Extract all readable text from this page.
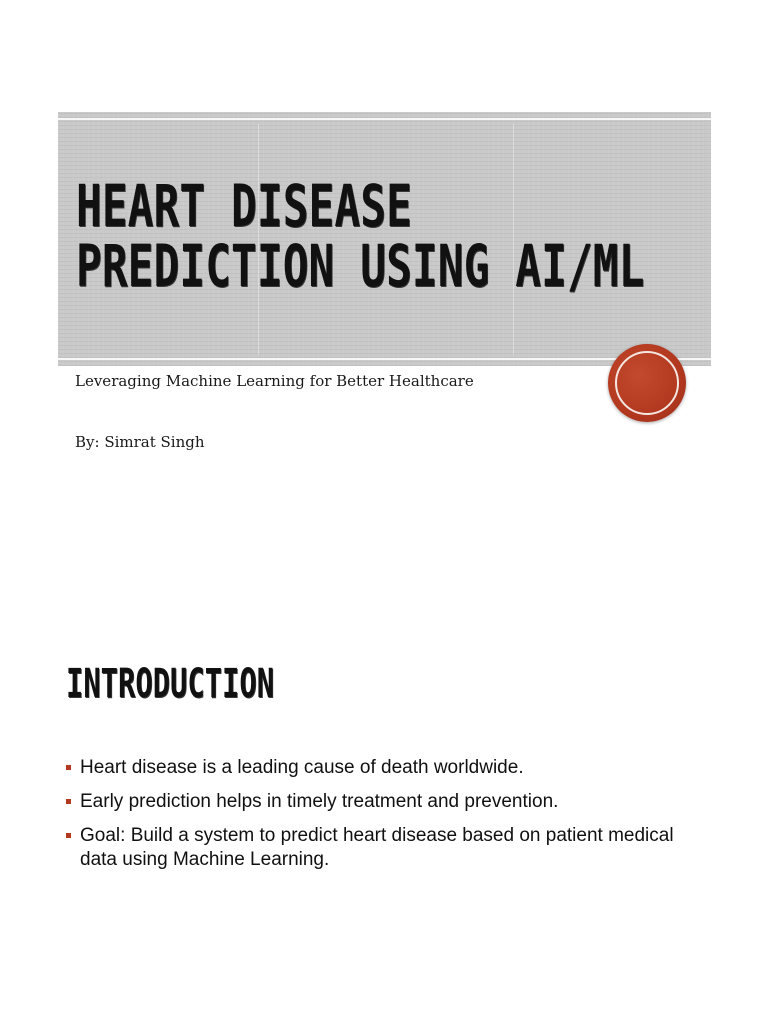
HEART DISEASE
PREDICTION USING AI/ML
Leveraging Machine Learning for Better Healthcare
By: Simrat Singh
INTRODUCTION
Heart disease is a leading cause of death worldwide.
Early prediction helps in timely treatment and prevention.
Goal: Build a system to predict heart disease based on patient medical data using Machine Learning.
